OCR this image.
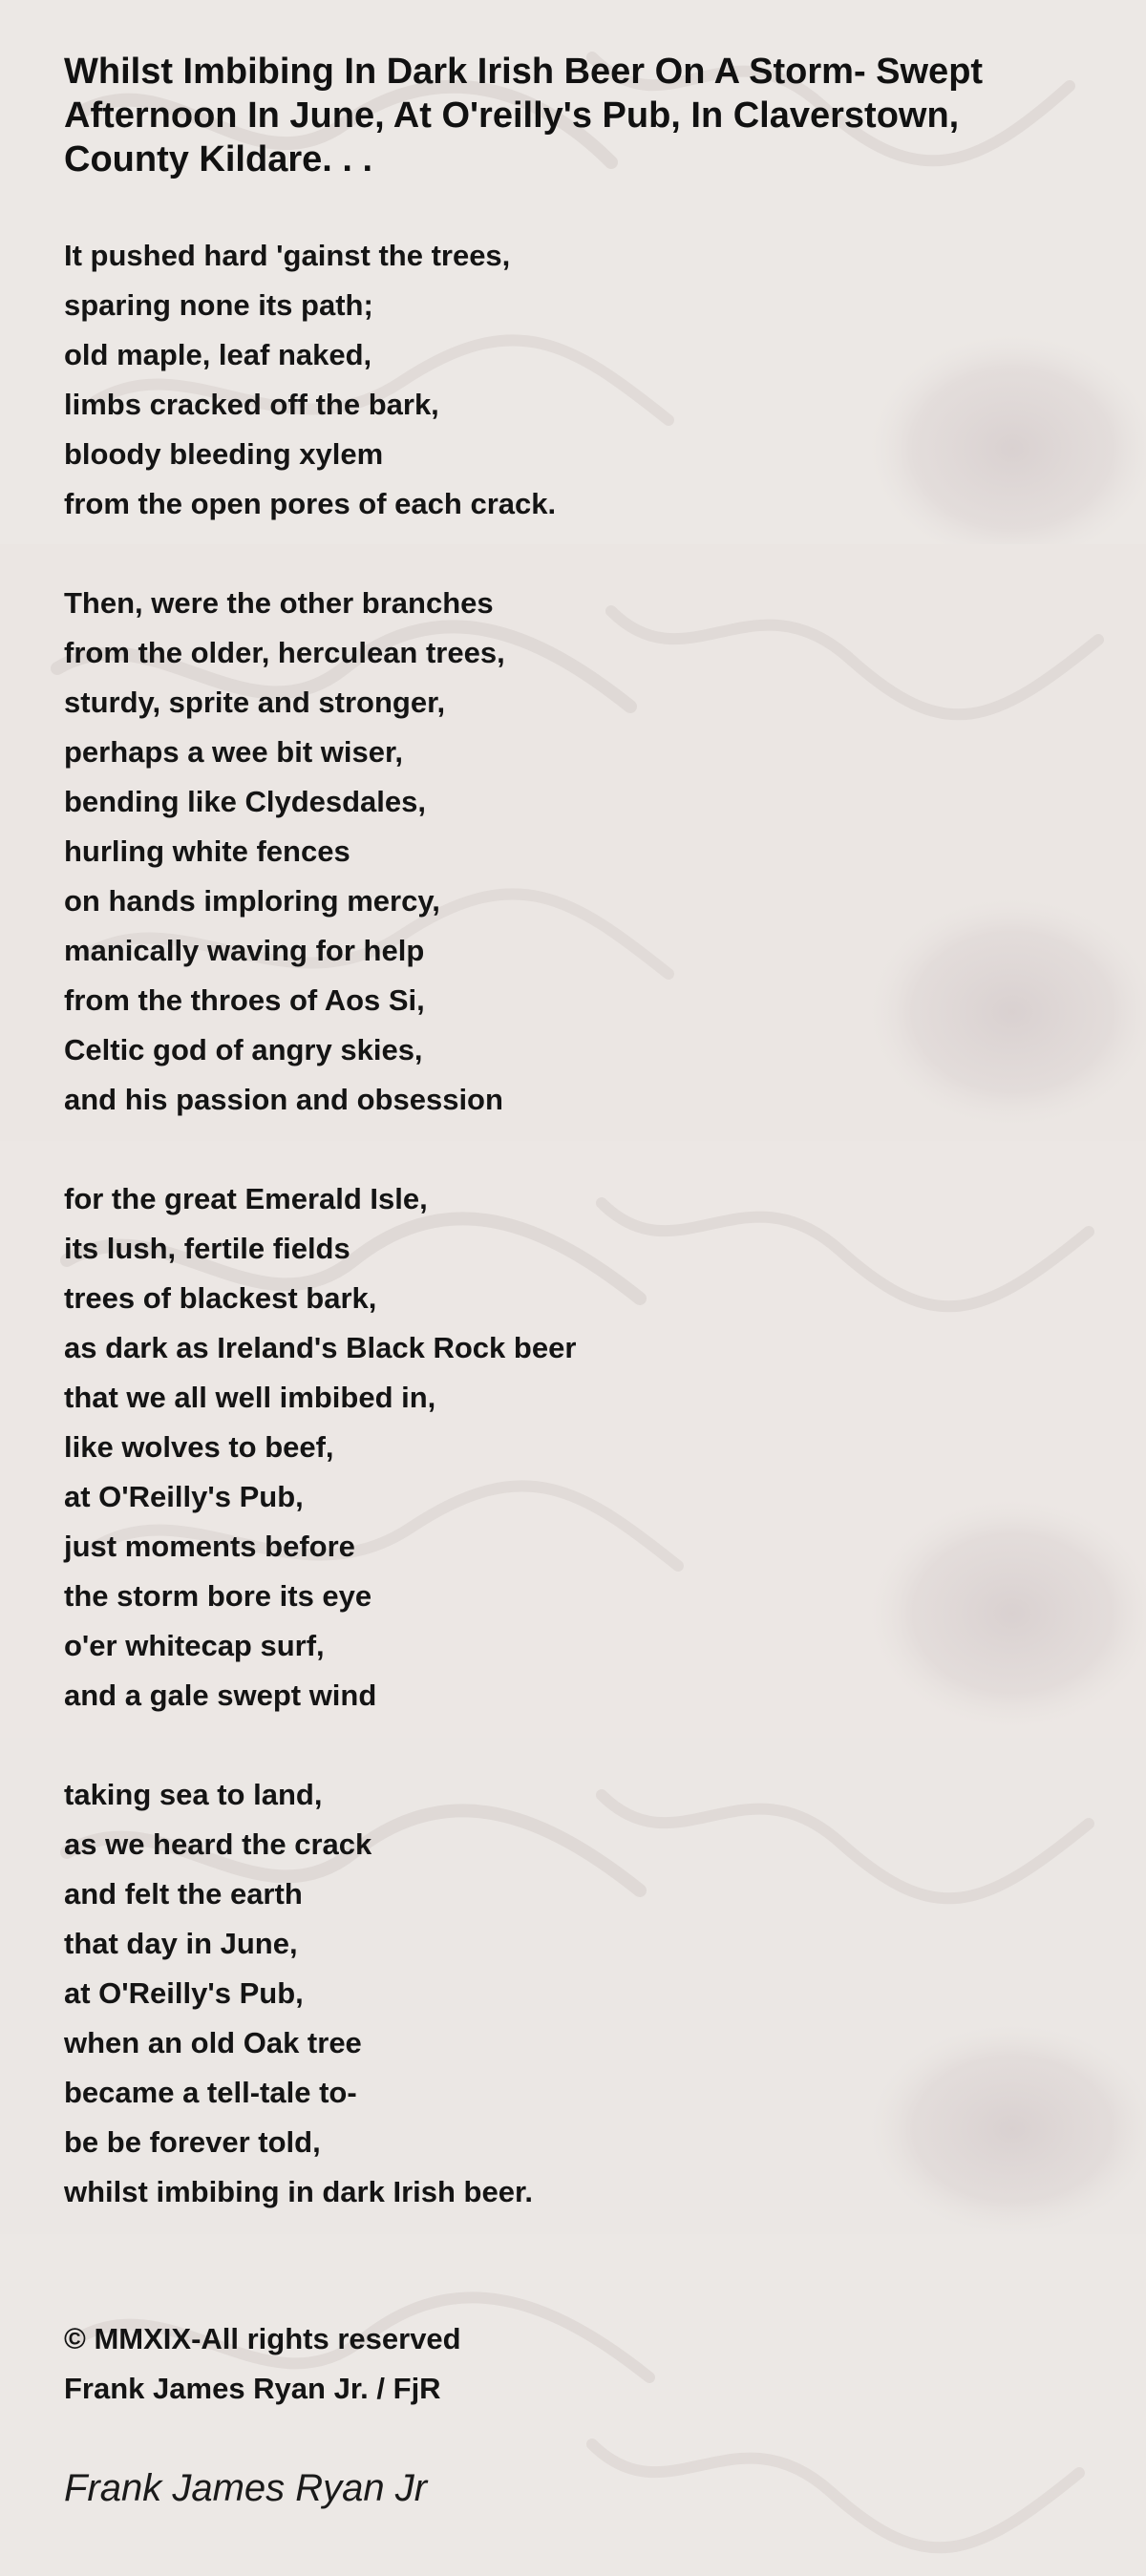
Whilst Imbibing In Dark Irish Beer On A Storm- Swept Afternoon In June, At O'reilly's Pub, In Claverstown, County Kildare. . .
It pushed hard 'gainst the trees,
sparing none its path;
old maple, leaf naked,
limbs cracked off the bark,
bloody bleeding xylem
from the open pores of each crack.
Then, were the other branches
from the older, herculean trees,
sturdy, sprite and stronger,
perhaps a wee bit wiser,
bending like Clydesdales,
hurling white fences
on hands imploring mercy,
manically waving for help
from the throes of Aos Si,
Celtic god of angry skies,
and his passion and obsession
for the great Emerald Isle,
its lush, fertile fields
trees of blackest bark,
as dark as Ireland's Black Rock beer
that we all well imbibed in,
like wolves to beef,
at O'Reilly's Pub,
just moments before
the storm bore its eye
o'er whitecap surf,
and a gale swept wind
taking sea to land,
as we heard the crack
and felt the earth
that day in June,
at O'Reilly's Pub,
when an old Oak tree
became a tell-tale to-
be be forever told,
whilst imbibing in dark Irish beer.
© MMXIX-All rights reserved
Frank James Ryan Jr. / FjR
Frank James Ryan Jr
